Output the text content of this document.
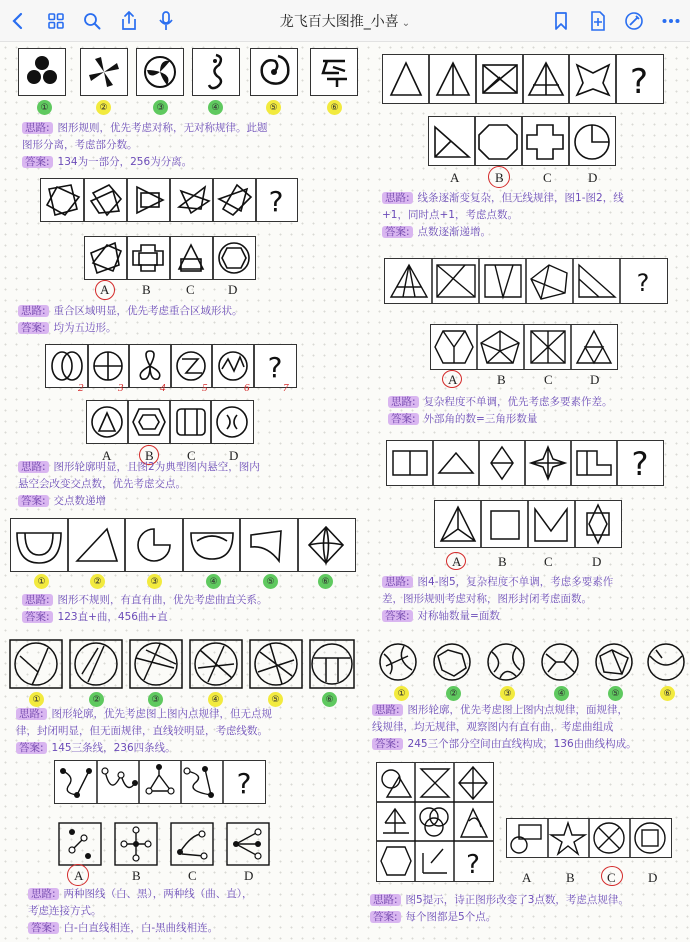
龙飞百大图推_小喜 ⌄
①	②	③	④	⑤	⑥
思路: 图形规则，优先考虑对称，无对称规律。此题
图形分离，考虑部分数。
答案: 134为一部分，256为分离。
?
A	B	C	D
思路: 重合区域明显，优先考虑重合区域形状。
答案: 均为五边形。
?
2	3	4	5	6	7
A	B	C	D
思路: 图形轮廓明显，且图2为典型图内悬空，图内
悬空会改变交点数，优先考虑交点。
答案: 交点数递增
①	②	③	④	⑤	⑥
思路: 图形不规则，有直有曲，优先考虑曲直关系。
答案: 123直+曲，456曲+直
①	②	③	④	⑤	⑥
思路: 图形轮廓，优先考虑图上图内点规律，但无点规
律，封闭明显，但无面规律，直线较明显，考虑线数。
答案: 145三条线，236四条线。
?
A	B	C	D
思路: 两种图线（白、黑），两种线（曲、直），
考虑连接方式。
答案: 白-白直线相连，白-黑曲线相连。
?
A	B	C	D
思路: 线条逐渐变复杂，但无线规律，图1-图2，线
+1，同时点+1，考虑点数。
答案: 点数逐渐递增。
?
A	B	C	D
思路: 复杂程度不单调，优先考虑多要素作差。
答案: 外部角的数=三角形数量
?
A	B	C	D
思路: 图4-图5，复杂程度不单调，考虑多要素作
差，图形规则考虑对称，图形封闭考虑面数。
答案: 对称轴数量=面数
①	②	③	④	⑤	⑥
思路: 图形轮廓，优先考虑图上图内点规律，面规律，
线规律，均无规律，观察图内有直有曲，考虑曲组成
答案: 245三个部分空间由直线构成，136由曲线构成。
?	A	B C D
思路: 图5提示，诗正图形改变了3点数，考虑点规律。
答案: 每个图都是5个点。
